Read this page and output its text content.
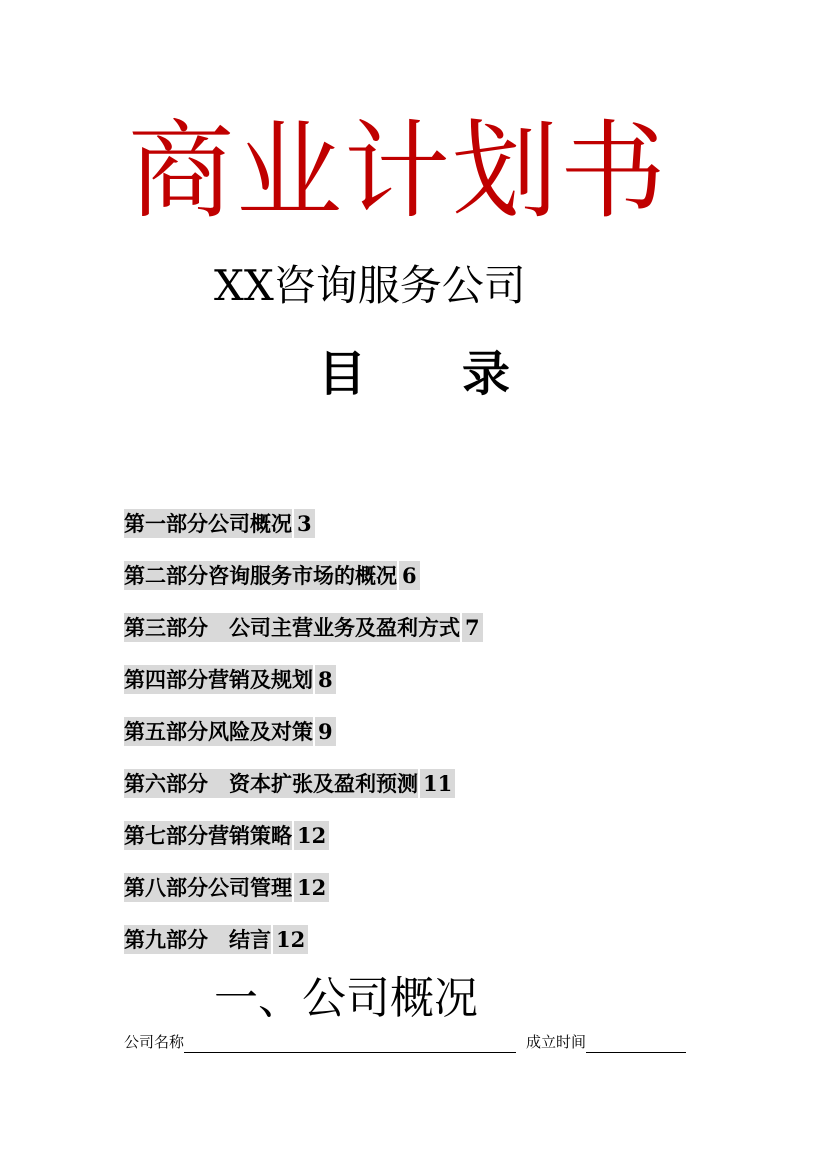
商业计划书
XX咨询服务公司
目 录
第一部分公司概况 3
第二部分咨询服务市场的概况 6
第三部分　公司主营业务及盈利方式 7
第四部分营销及规划 8
第五部分风险及对策 9
第六部分　资本扩张及盈利预测 11
第七部分营销策略 12
第八部分公司管理 12
第九部分　结言 12
一、公司概况
公司名称	成立时间
